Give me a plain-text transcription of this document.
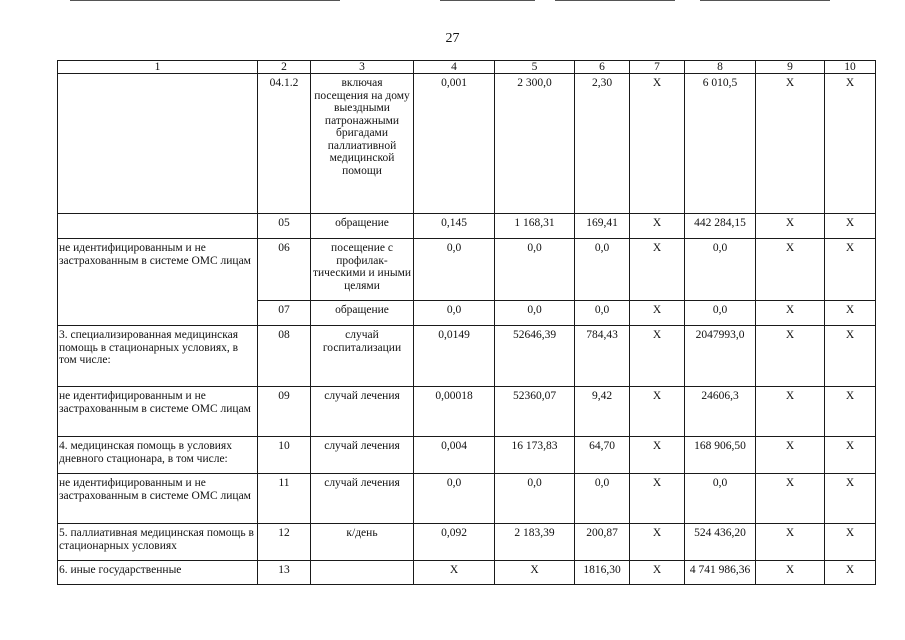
27
1	2	3	4	5	6	7	8	9	10
	04.1.2	включая посещения на дому выездными патронажными бригадами паллиативной медицинской помощи	0,001	2 300,0	2,30	Х	6 010,5	Х	Х
	05	обращение	0,145	1 168,31	169,41	Х	442 284,15	Х	Х
не идентифицированным и не застрахованным в системе ОМС лицам	06	посещение с профилак-тическими и иными целями	0,0	0,0	0,0	Х	0,0	Х	Х
	07	обращение	0,0	0,0	0,0	Х	0,0	Х	Х
3. специализированная медицинская помощь в стационарных условиях, в том числе:	08	случай госпитализации	0,0149	52646,39	784,43	Х	2047993,0	Х	Х
не идентифицированным и не застрахованным в системе ОМС лицам	09	случай лечения	0,00018	52360,07	9,42	Х	24606,3	Х	Х
4. медицинская помощь в условиях дневного стационара, в том числе:	10	случай лечения	0,004	16 173,83	64,70	Х	168 906,50	Х	Х
не идентифицированным и не застрахованным в системе ОМС лицам	11	случай лечения	0,0	0,0	0,0	Х	0,0	Х	Х
5. паллиативная медицинская помощь в стационарных условиях	12	к/день	0,092	2 183,39	200,87	Х	524 436,20	Х	Х
6. иные государственные	13		Х	Х	1816,30	Х	4 741 986,36	Х	Х
